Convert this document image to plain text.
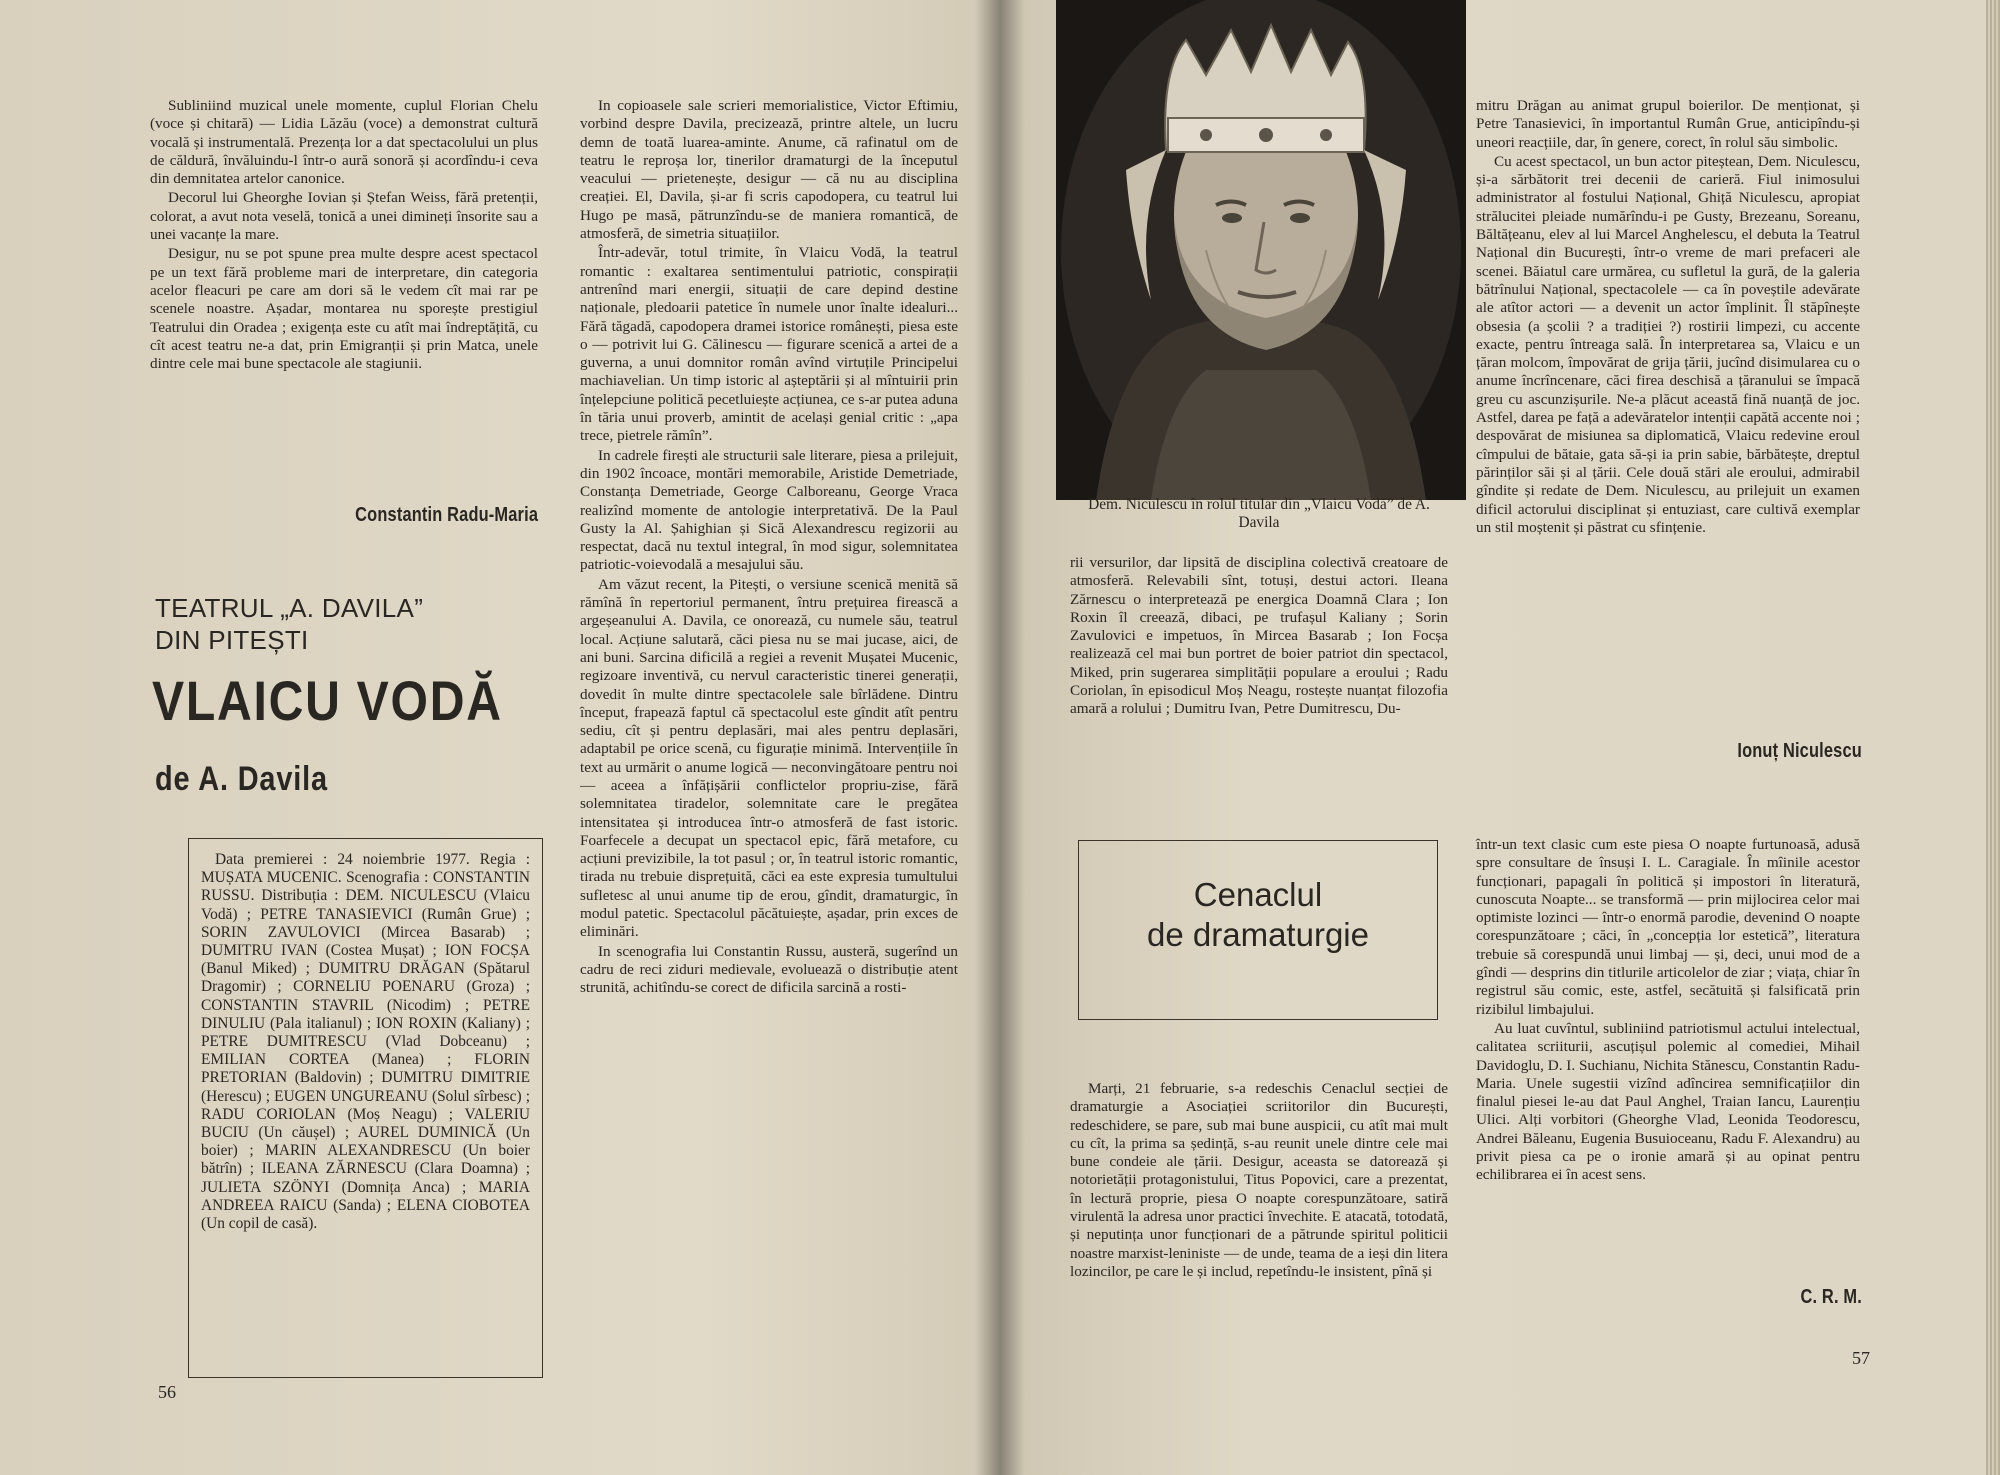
Subliniind muzical unele momente, cuplul Florian Chelu (voce și chitară) — Lidia Lăzău (voce) a demonstrat cultură vocală și instrumentală. Prezența lor a dat spectacolului un plus de căldură, învăluindu-l într-o aură sonoră și acordîndu-i ceva din demnitatea artelor canonice.

Decorul lui Gheorghe Iovian și Ștefan Weiss, fără pretenții, colorat, a avut nota veselă, tonică a unei dimineți însorite sau a unei vacanțe la mare.

Desigur, nu se pot spune prea multe despre acest spectacol pe un text fără probleme mari de interpretare, din categoria acelor fleacuri pe care am dori să le vedem cît mai rar pe scenele noastre. Așadar, montarea nu sporește prestigiul Teatrului din Oradea ; exigența este cu atît mai îndreptățită, cu cît acest teatru ne-a dat, prin Emigranții și prin Matca, unele dintre cele mai bune spectacole ale stagiunii.

Constantin Radu-Maria
TEATRUL „A. DAVILA”
DIN PITEȘTI
VLAICU VODĂ
de A. Davila

Data premierei : 24 noiembrie 1977. Regia : MUȘATA MUCENIC. Scenografia : CONSTANTIN RUSSU. Distribuția : DEM. NICULESCU (Vlaicu Vodă) ; PETRE TANASIEVICI (Rumân Grue) ; SORIN ZAVULOVICI (Mircea Basarab) ; DUMITRU IVAN (Costea Mușat) ; ION FOCȘA (Banul Miked) ; DUMITRU DRĂGAN (Spătarul Dragomir) ; CORNELIU POENARU (Groza) ; CONSTANTIN STAVRIL (Nicodim) ; PETRE DINULIU (Pala italianul) ; ION ROXIN (Kaliany) ; PETRE DUMITRESCU (Vlad Dobceanu) ; EMILIAN CORTEA (Manea) ; FLORIN PRETORIAN (Baldovin) ; DUMITRU DIMITRIE (Herescu) ; EUGEN UNGUREANU (Solul sîrbesc) ; RADU CORIOLAN (Moș Neagu) ; VALERIU BUCIU (Un căușel) ; AUREL DUMINICĂ (Un boier) ; MARIN ALEXANDRESCU (Un boier bătrîn) ; ILEANA ZĂRNESCU (Clara Doamna) ; JULIETA SZÖNYI (Domnița Anca) ; MARIA ANDREEA RAICU (Sanda) ; ELENA CIOBOTEA (Un copil de casă).

In copioasele sale scrieri memorialistice, Victor Eftimiu, vorbind despre Davila, precizează, printre altele, un lucru demn de toată luarea-aminte. Anume, că rafinatul om de teatru le reproșa lor, tinerilor dramaturgi de la începutul veacului — prietenește, desigur — că nu au disciplina creației. El, Davila, și-ar fi scris capodopera, cu teatrul lui Hugo pe masă, pătrunzîndu-se de maniera romantică, de atmosferă, de simetria situațiilor.

Într-adevăr, totul trimite, în Vlaicu Vodă, la teatrul romantic : exaltarea sentimentului patriotic, conspirații antrenînd mari energii, situații de care depind destine naționale, pledoarii patetice în numele unor înalte idealuri... Fără tăgadă, capodopera dramei istorice românești, piesa este o — potrivit lui G. Călinescu — figurare scenică a artei de a guverna, a unui domnitor român avînd virtuțile Principelui machiavelian. Un timp istoric al așteptării și al mîntuirii prin înțelepciune politică pecetluiește acțiunea, ce s-ar putea aduna în tăria unui proverb, amintit de același genial critic : „apa trece, pietrele rămîn”.

In cadrele firești ale structurii sale literare, piesa a prilejuit, din 1902 încoace, montări memorabile, Aristide Demetriade, Constanța Demetriade, George Calboreanu, George Vraca realizînd momente de antologie interpretativă. De la Paul Gusty la Al. Șahighian și Sică Alexandrescu regizorii au respectat, dacă nu textul integral, în mod sigur, solemnitatea patriotic-voievodală a mesajului său.

Am văzut recent, la Pitești, o versiune scenică menită să rămînă în repertoriul permanent, întru prețuirea firească a argeșeanului A. Davila, ce onorează, cu numele său, teatrul local. Acțiune salutară, căci piesa nu se mai jucase, aici, de ani buni. Sarcina dificilă a regiei a revenit Mușatei Mucenic, regizoare inventivă, cu nervul caracteristic tinerei generații, dovedit în multe dintre spectacolele sale bîrlădene. Dintru început, frapează faptul că spectacolul este gîndit atît pentru sediu, cît și pentru deplasări, mai ales pentru deplasări, adaptabil pe orice scenă, cu figurație minimă. Intervențiile în text au urmărit o anume logică — neconvingătoare pentru noi — aceea a înfățișării conflictelor propriu-zise, fără solemnitatea tiradelor, solemnitate care le pregătea intensitatea și introducea într-o atmosferă de fast istoric. Foarfecele a decupat un spectacol epic, fără metafore, cu acțiuni previzibile, la tot pasul ; or, în teatrul istoric romantic, tirada nu trebuie disprețuită, căci ea este expresia tumultului sufletesc al unui anume tip de erou, gîndit, dramaturgic, în modul patetic. Spectacolul păcătuiește, așadar, prin exces de eliminări.

In scenografia lui Constantin Russu, austeră, sugerînd un cadru de reci ziduri medievale, evoluează o distribuție atent strunită, achitîndu-se corect de dificila sarcină a rosti-

56
Dem. Niculescu în rolul titular din „Vlaicu Vodă” de A. Davila

rii versurilor, dar lipsită de disciplina colectivă creatoare de atmosferă. Relevabili sînt, totuși, destui actori. Ileana Zărnescu o interpretează pe energica Doamnă Clara ; Ion Roxin îl creează, dibaci, pe trufașul Kaliany ; Sorin Zavulovici e impetuos, în Mircea Basarab ; Ion Focșa realizează cel mai bun portret de boier patriot din spectacol, Miked, prin sugerarea simplității populare a eroului ; Radu Coriolan, în episodicul Moș Neagu, rostește nuanțat filozofia amară a rolului ; Dumitru Ivan, Petre Dumitrescu, Du-

mitru Drăgan au animat grupul boierilor. De menționat, și Petre Tanasievici, în importantul Rumân Grue, anticipîndu-și uneori reacțiile, dar, în genere, corect, în rolul său simbolic.

Cu acest spectacol, un bun actor piteștean, Dem. Niculescu, și-a sărbătorit trei decenii de carieră. Fiul inimosului administrator al fostului Național, Ghiță Niculescu, apropiat strălucitei pleiade numărîndu-i pe Gusty, Brezeanu, Soreanu, Băltățeanu, elev al lui Marcel Anghelescu, el debuta la Teatrul Național din București, într-o vreme de mari prefaceri ale scenei. Băiatul care urmărea, cu sufletul la gură, de la galeria bătrînului Național, spectacolele — ca în poveștile adevărate ale atîtor actori — a devenit un actor împlinit. Îl stăpînește obsesia (a școlii ? a tradiției ?) rostirii limpezi, cu accente exacte, pentru întreaga sală. În interpretarea sa, Vlaicu e un țăran molcom, împovărat de grija țării, jucînd disimularea cu o anume încrîncenare, căci firea deschisă a țăranului se împacă greu cu ascunzișurile. Ne-a plăcut această fină nuanță de joc. Astfel, darea pe față a adevăratelor intenții capătă accente noi ; despovărat de misiunea sa diplomatică, Vlaicu redevine eroul cîmpului de bătaie, gata să-și ia prin sabie, bărbătește, dreptul părinților săi și al țării. Cele două stări ale eroului, admirabil gîndite și redate de Dem. Niculescu, au prilejuit un examen dificil actorului disciplinat și entuziast, care cultivă exemplar un stil moștenit și păstrat cu sfințenie.

Ionuț Niculescu
Cenaclul
de dramaturgie

Marți, 21 februarie, s-a redeschis Cenaclul secției de dramaturgie a Asociației scriitorilor din București, redeschidere, se pare, sub mai bune auspicii, cu atît mai mult cu cît, la prima sa ședință, s-au reunit unele dintre cele mai bune condeie ale țării. Desigur, aceasta se datorează și notorietății protagonistului, Titus Popovici, care a prezentat, în lectură proprie, piesa O noapte corespunzătoare, satiră virulentă la adresa unor practici învechite. E atacată, totodată, și neputința unor funcționari de a pătrunde spiritul politicii noastre marxist-leniniste — de unde, teama de a ieși din litera lozincilor, pe care le și includ, repetîndu-le insistent, pînă și

într-un text clasic cum este piesa O noapte furtunoasă, adusă spre consultare de însuși I. L. Caragiale. În mîinile acestor funcționari, papagali în politică și impostori în literatură, cunoscuta Noapte... se transformă — prin mijlocirea celor mai optimiste lozinci — într-o enormă parodie, devenind O noapte corespunzătoare ; căci, în „concepția lor estetică”, literatura trebuie să corespundă unui limbaj — și, deci, unui mod de a gîndi — desprins din titlurile articolelor de ziar ; viața, chiar în registrul său comic, este, astfel, secătuită și falsificată prin rizibilul limbajului.

Au luat cuvîntul, subliniind patriotismul actului intelectual, calitatea scriiturii, ascuțișul polemic al comediei, Mihail Davidoglu, D. I. Suchianu, Nichita Stănescu, Constantin Radu-Maria. Unele sugestii vizînd adîncirea semnificațiilor din finalul piesei le-au dat Paul Anghel, Traian Iancu, Laurențiu Ulici. Alți vorbitori (Gheorghe Vlad, Leonida Teodorescu, Andrei Băleanu, Eugenia Busuioceanu, Radu F. Alexandru) au privit piesa ca pe o ironie amară și au opinat pentru echilibrarea ei în acest sens.

C. R. M.
57
